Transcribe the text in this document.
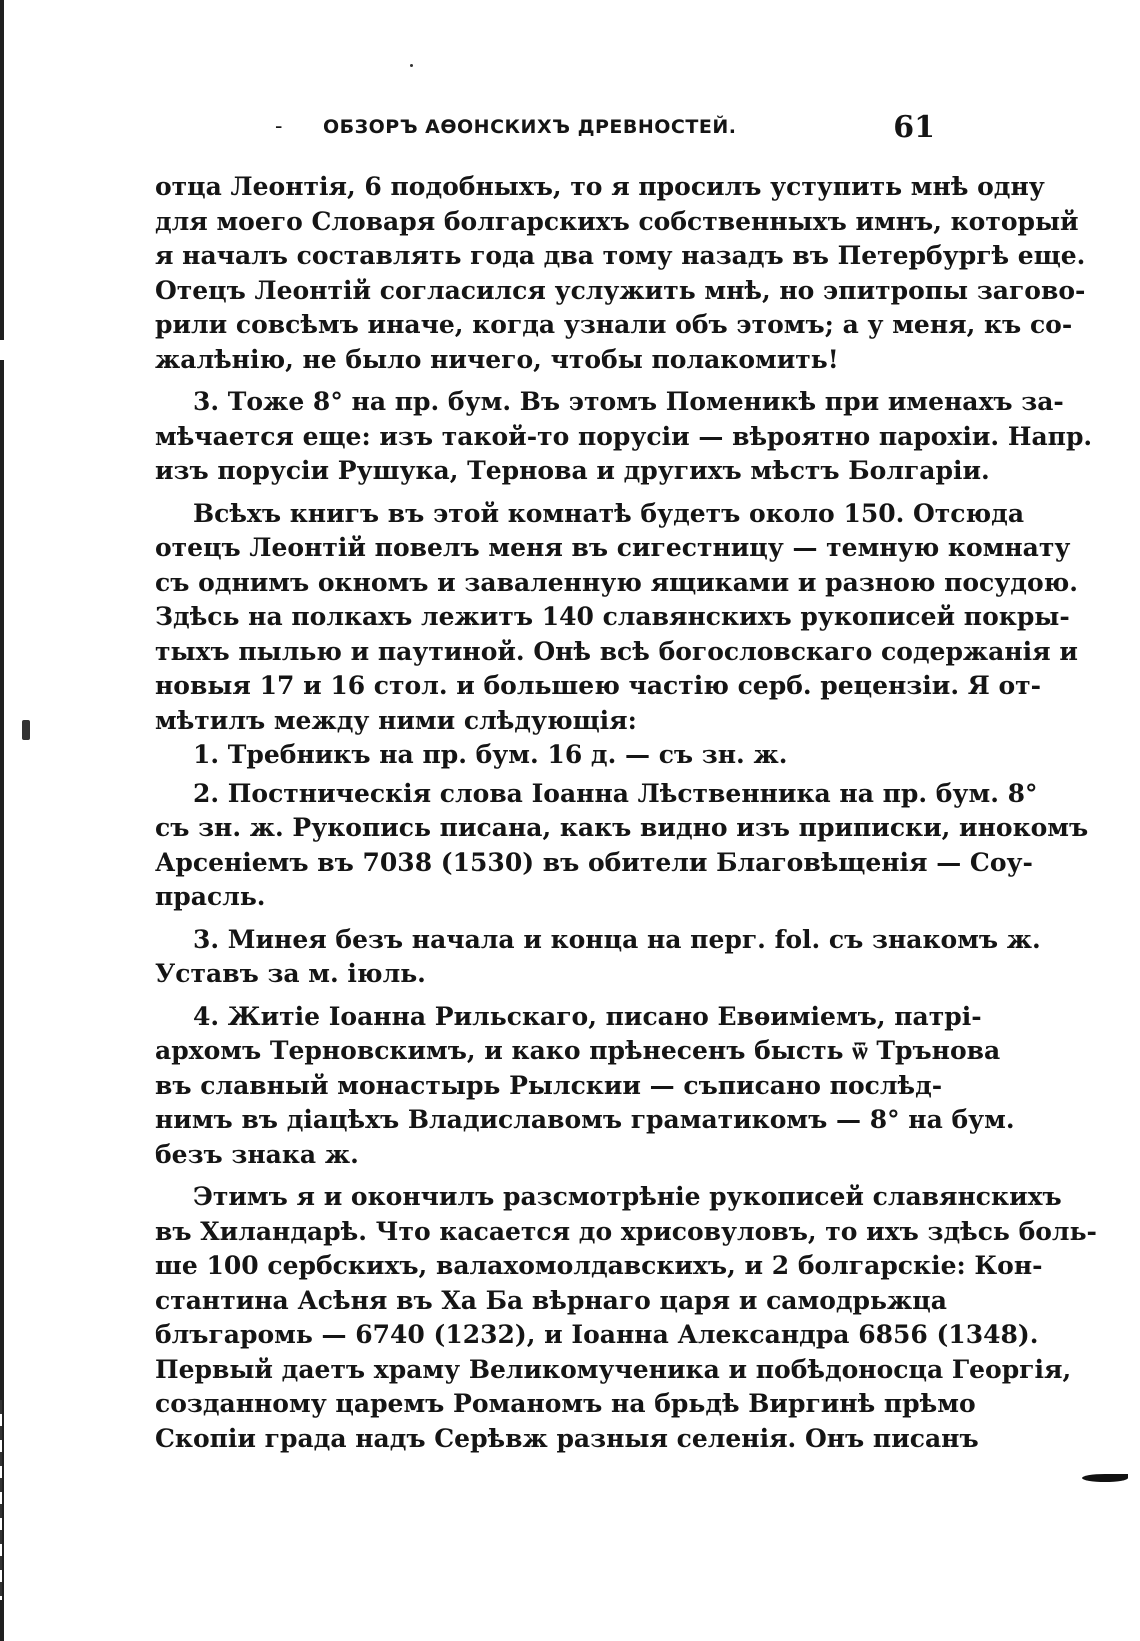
- ОБЗОРЪ АѲОНСКИХЪ ДРЕВНОСТЕЙ.	61
отца Леонтія, 6 подобныхъ, то я просилъ уступить мнѣ одну
для моего Словаря болгарскихъ собственныхъ имнъ, который
я началъ составлять года два тому назадъ въ Петербургѣ еще.
Отецъ Леонтій согласился услужить мнѣ, но эпитропы загово-
рили совсѣмъ иначе, когда узнали объ этомъ; а у меня, къ со-
жалѣнію, не было ничего, чтобы полакомить!
3. Тоже 8° на пр. бум. Въ этомъ Поменикѣ при именахъ за-
мѣчается еще: изъ такой-то порусіи — вѣроятно парохіи. Напр.
изъ порусіи Рушука, Тернова и другихъ мѣстъ Болгаріи.
Всѣхъ книгъ въ этой комнатѣ будетъ около 150. Отсюда
отецъ Леонтій повелъ меня въ сигестницу — темную комнату
съ однимъ окномъ и заваленную ящиками и разною посудою.
Здѣсь на полкахъ лежитъ 140 славянскихъ рукописей покры-
тыхъ пылью и паутиной. Онѣ всѣ богословскаго содержанія и
новыя 17 и 16 стол. и большею частію серб. рецензіи. Я от-
мѣтилъ между ними слѣдующія:
1. Требникъ на пр. бум. 16 д. — съ зн. ж.
2. Постническія слова Іоанна Лѣственника на пр. бум. 8°
съ зн. ж. Рукопись писана, какъ видно изъ приписки, инокомъ
Арсеніемъ въ 7038 (1530) въ обители Благовѣщенія — Соу-
прасль.
3. Минея безъ начала и конца на перг. fol. съ знакомъ ж.
Уставъ за м. іюль.
4. Житіе Іоанна Рильскаго, писано Евѳиміемъ, патрі-
архомъ Терновскимъ, и како прѣнесенъ бысть ѿ Трънова
въ славный монастырь Рылскии — съписано послѣд-
нимъ въ діацѣхъ Владиславомъ граматикомъ — 8° на бум.
безъ знака ж.
Этимъ я и окончилъ разсмотрѣніе рукописей славянскихъ
въ Хиландарѣ. Что касается до хрисовуловъ, то ихъ здѣсь боль-
ше 100 сербскихъ, валахомолдавскихъ, и 2 болгарскіе: Кон-
стантина Асѣня въ Ха Ба вѣрнаго царя и самодрьжца
блъгаромь — 6740 (1232), и Іоанна Александра 6856 (1348).
Первый даетъ храму Великомученика и побѣдоносца Георгія,
созданному царемъ Романомъ на брьдѣ Виргинѣ прѣмо
Скопіи града надъ Серѣвж разныя селенія. Онъ писанъ
